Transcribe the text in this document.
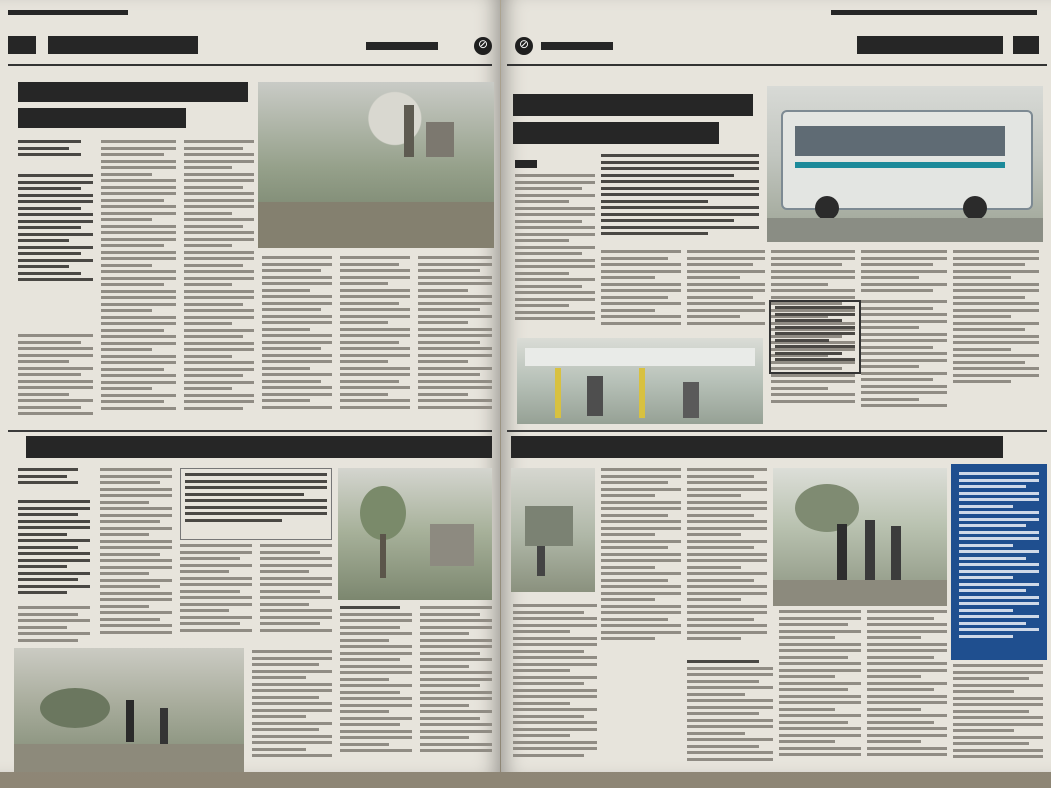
⊘	⊘
